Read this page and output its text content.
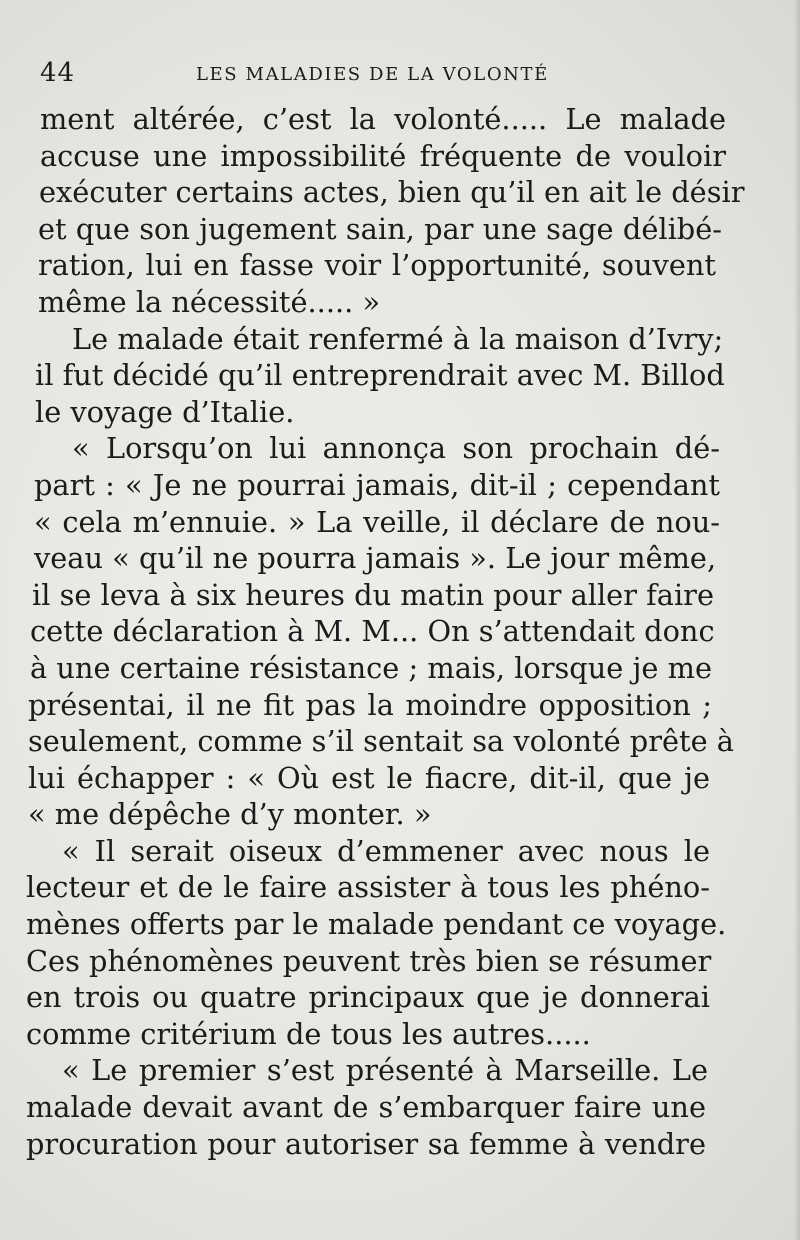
44	LES MALADIES DE LA VOLONTÉ
ment altérée, c’est la volonté..... Le malade
accuse une impossibilité fréquente de vouloir
exécuter certains actes, bien qu’il en ait le désir
et que son jugement sain, par une sage délibé-
ration, lui en fasse voir l’opportunité, souvent
même la nécessité..... »
Le malade était renfermé à la maison d’Ivry;
il fut décidé qu’il entreprendrait avec M. Billod
le voyage d’Italie.
« Lorsqu’on lui annonça son prochain dé-
part : « Je ne pourrai jamais, dit-il ; cependant
« cela m’ennuie. » La veille, il déclare de nou-
veau « qu’il ne pourra jamais ». Le jour même,
il se leva à six heures du matin pour aller faire
cette déclaration à M. M... On s’attendait donc
à une certaine résistance ; mais, lorsque je me
présentai, il ne fit pas la moindre opposition ;
seulement, comme s’il sentait sa volonté prête à
lui échapper : « Où est le fiacre, dit-il, que je
« me dépêche d’y monter. »
« Il serait oiseux d’emmener avec nous le
lecteur et de le faire assister à tous les phéno-
mènes offerts par le malade pendant ce voyage.
Ces phénomènes peuvent très bien se résumer
en trois ou quatre principaux que je donnerai
comme critérium de tous les autres.....
« Le premier s’est présenté à Marseille. Le
malade devait avant de s’embarquer faire une
procuration pour autoriser sa femme à vendre
